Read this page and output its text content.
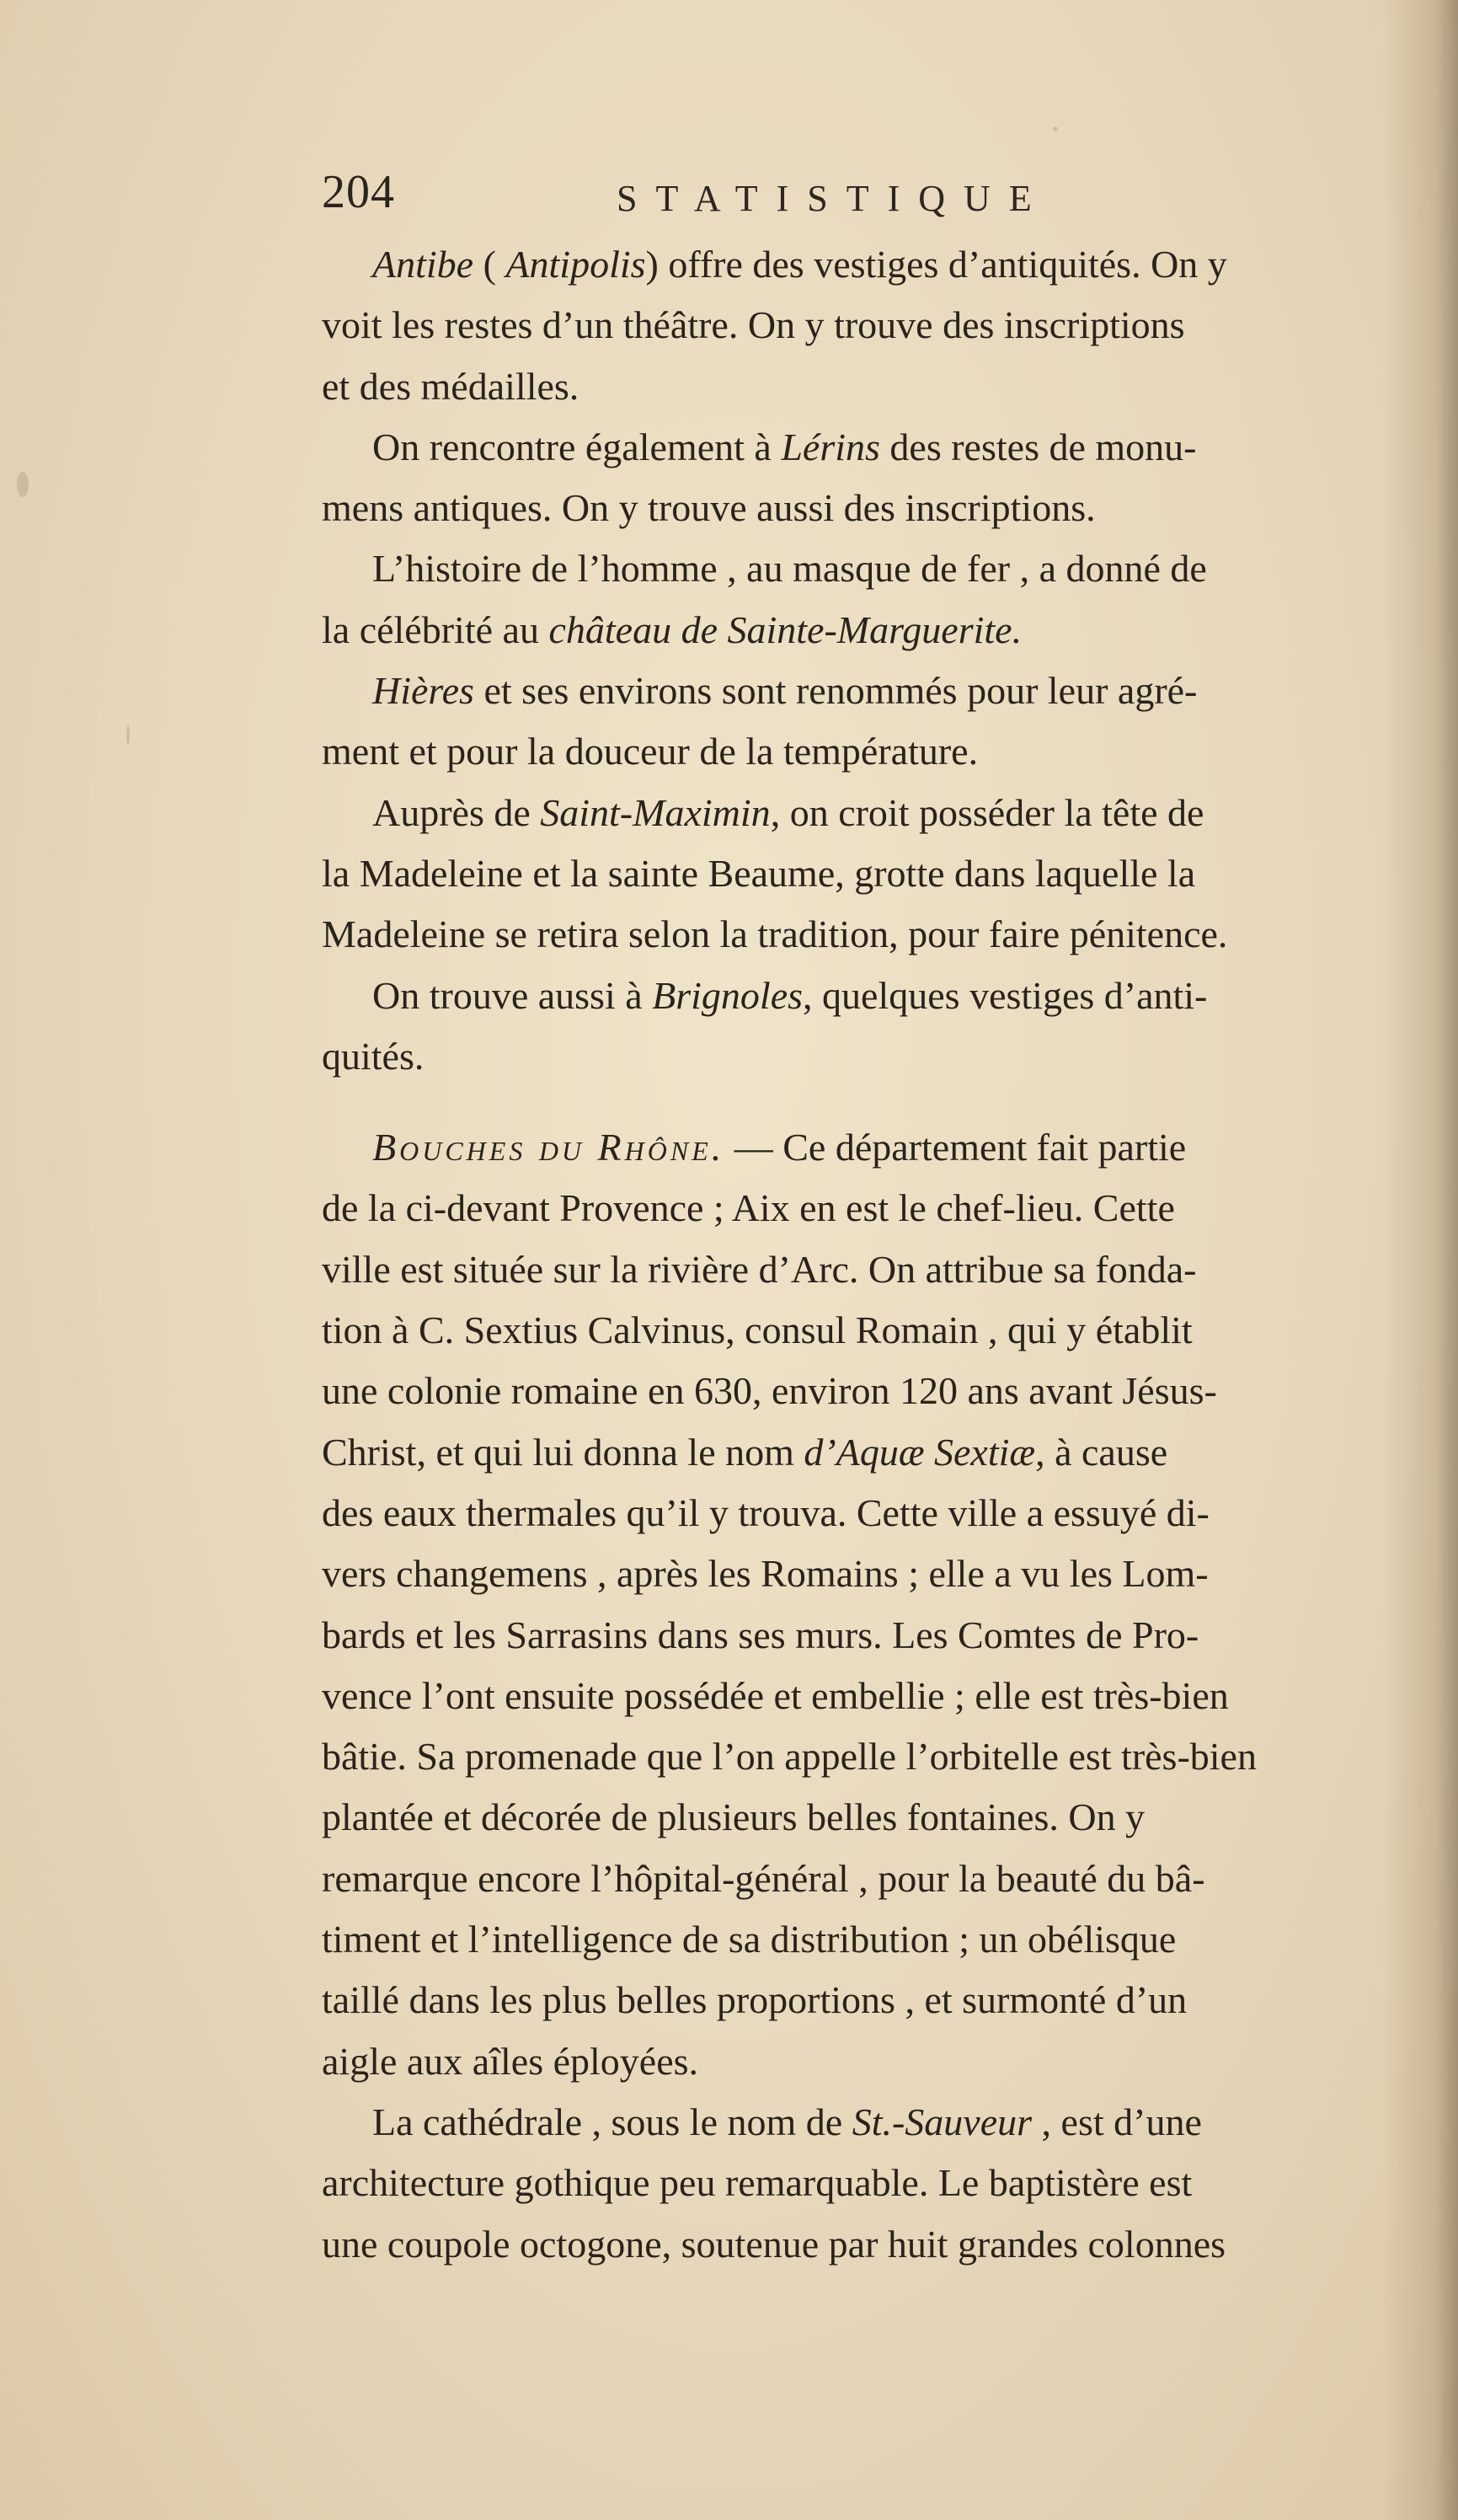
204	STATISTIQUE
Antibe ( Antipolis) offre des vestiges d’antiquités. On y
voit les restes d’un théâtre. On y trouve des inscriptions
et des médailles.
On rencontre également à Lérins des restes de monu-
mens antiques. On y trouve aussi des inscriptions.
L’histoire de l’homme , au masque de fer , a donné de
la célébrité au château de Sainte-Marguerite.
Hières et ses environs sont renommés pour leur agré-
ment et pour la douceur de la température.
Auprès de Saint-Maximin, on croit posséder la tête de
la Madeleine et la sainte Beaume, grotte dans laquelle la
Madeleine se retira selon la tradition, pour faire pénitence.
On trouve aussi à Brignoles, quelques vestiges d’anti-
quités.
Bouches du Rhône. — Ce département fait partie
de la ci-devant Provence ; Aix en est le chef-lieu. Cette
ville est située sur la rivière d’Arc. On attribue sa fonda-
tion à C. Sextius Calvinus, consul Romain , qui y établit
une colonie romaine en 630, environ 120 ans avant Jésus-
Christ, et qui lui donna le nom d’Aquæ Sextiæ, à cause
des eaux thermales qu’il y trouva. Cette ville a essuyé di-
vers changemens , après les Romains ; elle a vu les Lom-
bards et les Sarrasins dans ses murs. Les Comtes de Pro-
vence l’ont ensuite possédée et embellie ; elle est très-bien
bâtie. Sa promenade que l’on appelle l’orbitelle est très-bien
plantée et décorée de plusieurs belles fontaines. On y
remarque encore l’hôpital-général , pour la beauté du bâ-
timent et l’intelligence de sa distribution ; un obélisque
taillé dans les plus belles proportions , et surmonté d’un
aigle aux aîles éployées.
La cathédrale , sous le nom de St.-Sauveur , est d’une
architecture gothique peu remarquable. Le baptistère est
une coupole octogone, soutenue par huit grandes colonnes
